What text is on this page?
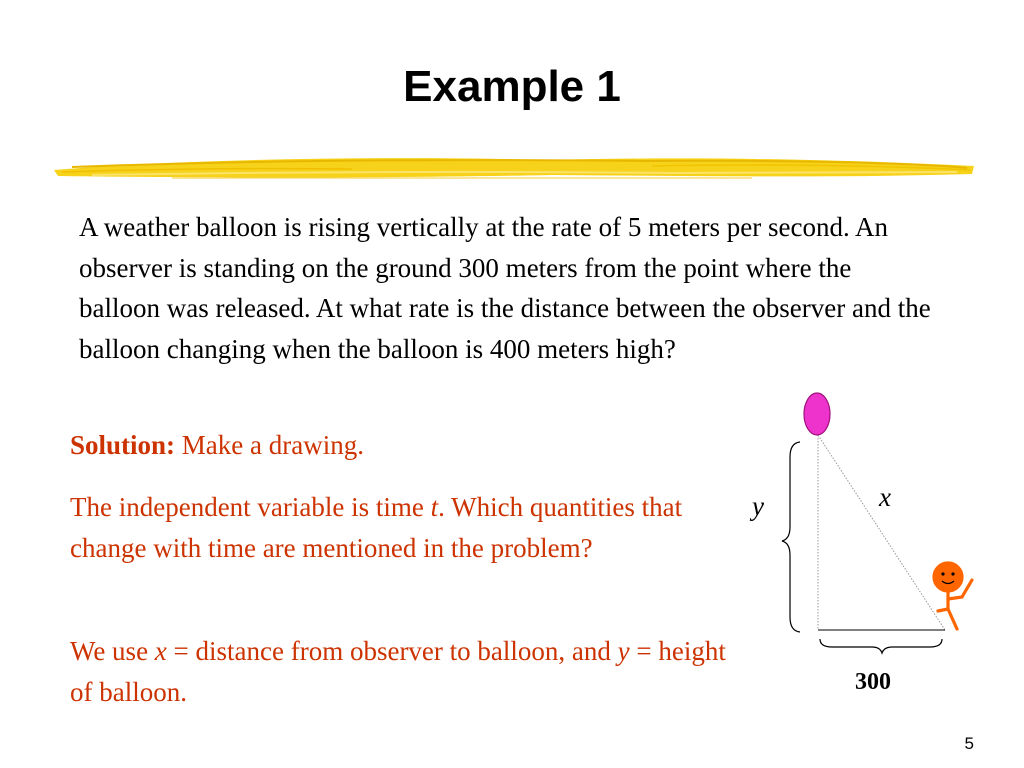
Example 1

A weather balloon is rising vertically at the rate of 5 meters per second. An observer is standing on the ground 300 meters from the point where the balloon was released. At what rate is the distance between the observer and the balloon changing when the balloon is 400 meters high?

Solution: Make a drawing.

The independent variable is time t. Which quantities that change with time are mentioned in the problem?

We use x = distance from observer to balloon, and y = height of balloon.

y	x
300
5
